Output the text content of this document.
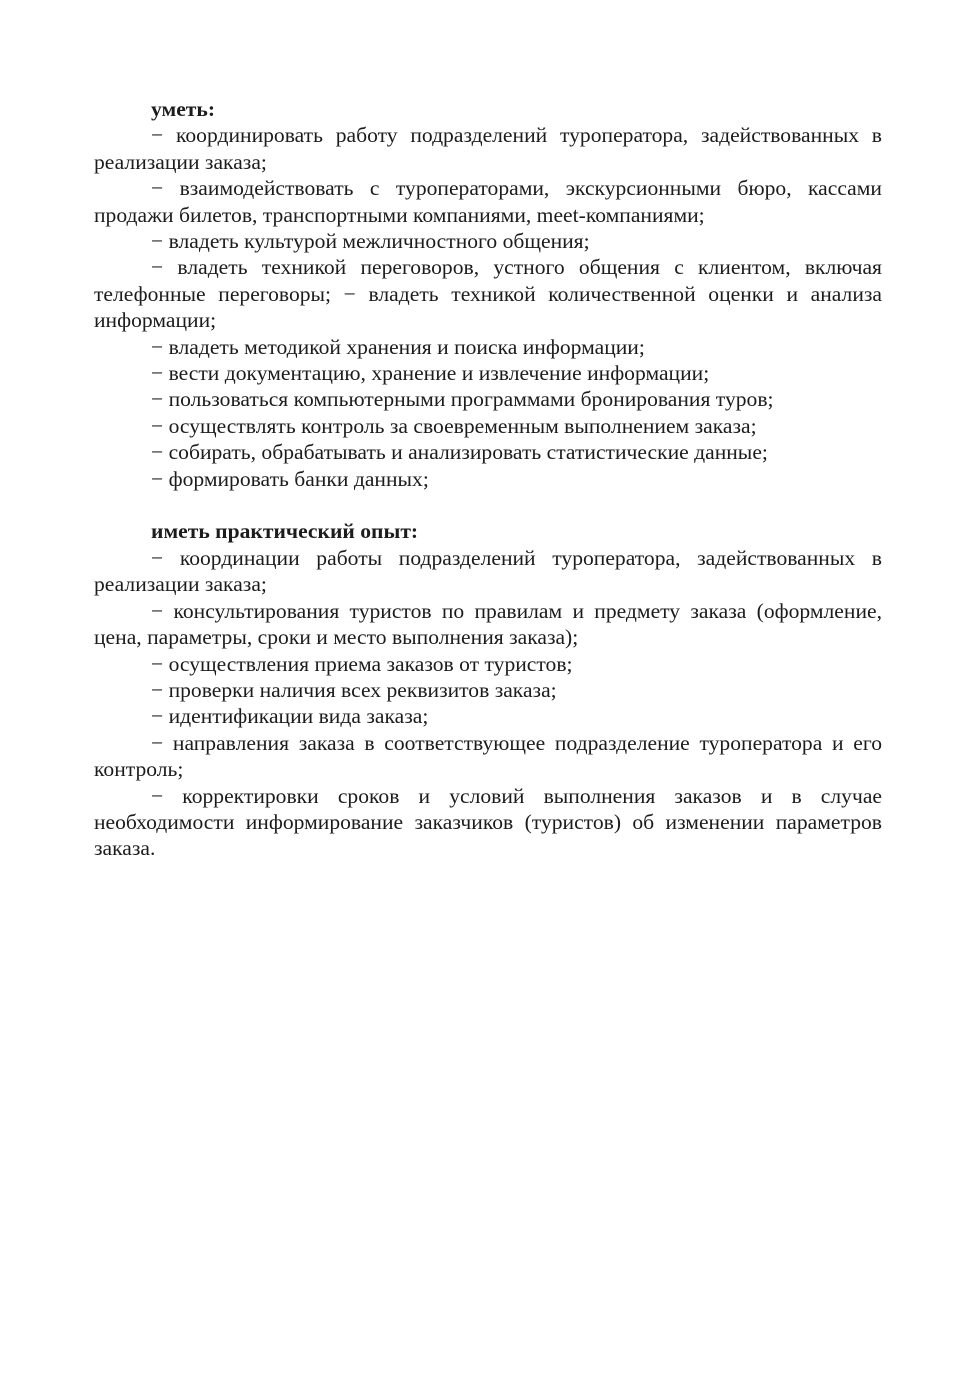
уметь:

− координировать работу подразделений туроператора, задействованных в реализации заказа;

− взаимодействовать с туроператорами, экскурсионными бюро, кассами продажи билетов, транспортными компаниями, meet-компаниями;

− владеть культурой межличностного общения;

− владеть техникой переговоров, устного общения с клиентом, включая телефонные переговоры; − владеть техникой количественной оценки и анализа информации;

− владеть методикой хранения и поиска информации;

− вести документацию, хранение и извлечение информации;

− пользоваться компьютерными программами бронирования туров;

− осуществлять контроль за своевременным выполнением заказа;

− собирать, обрабатывать и анализировать статистические данные;

− формировать банки данных;

иметь практический опыт:

− координации работы подразделений туроператора, задействованных в реализации заказа;

− консультирования туристов по правилам и предмету заказа (оформление, цена, параметры, сроки и место выполнения заказа);

− осуществления приема заказов от туристов;

− проверки наличия всех реквизитов заказа;

− идентификации вида заказа;

− направления заказа в соответствующее подразделение туроператора и его контроль;

− корректировки сроков и условий выполнения заказов и в случае необходимости информирование заказчиков (туристов) об изменении параметров заказа.
